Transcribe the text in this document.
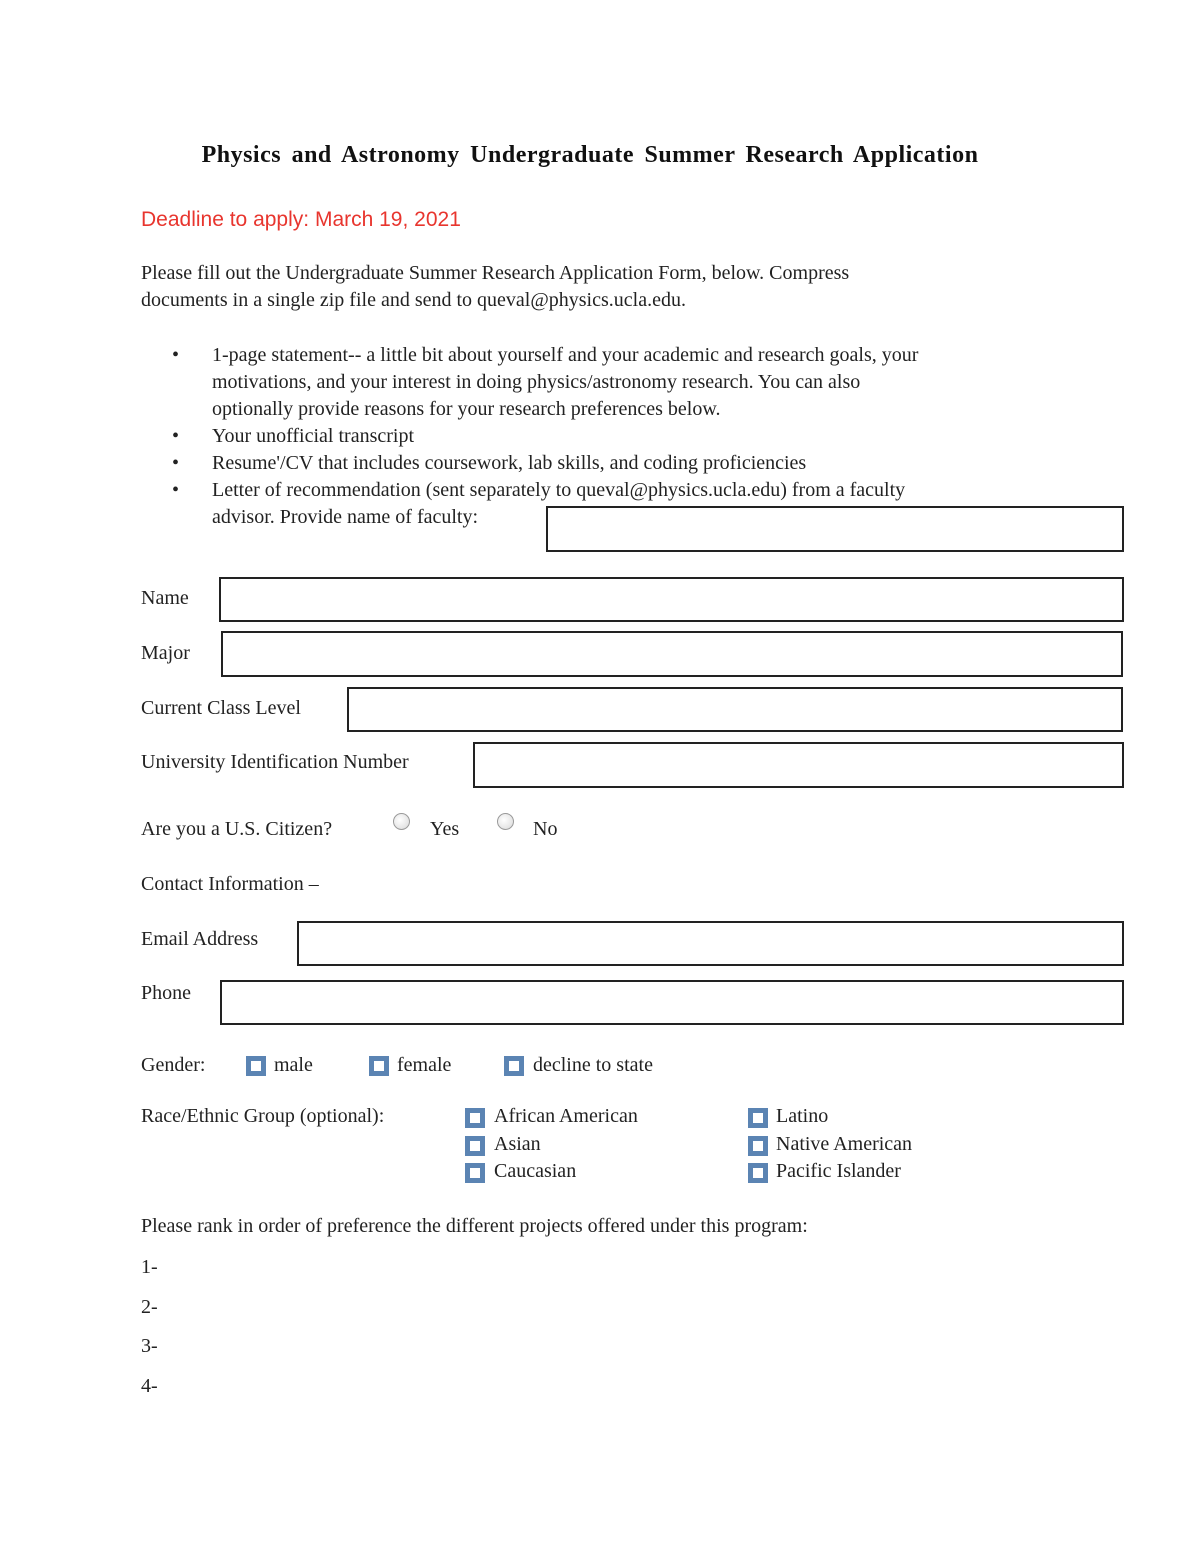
Physics and Astronomy Undergraduate Summer Research Application
Deadline to apply: March 19, 2021
Please fill out the Undergraduate Summer Research Application Form, below. Compress
documents in a single zip file and send to queval@physics.ucla.edu.
• 1-page statement-- a little bit about yourself and your academic and research goals, your
motivations, and your interest in doing physics/astronomy research. You can also
optionally provide reasons for your research preferences below.
• Your unofficial transcript
• Resume'/CV that includes coursework, lab skills, and coding proficiencies
• Letter of recommendation (sent separately to queval@physics.ucla.edu) from a faculty
advisor. Provide name of faculty:
Name
Major
Current Class Level
University Identification Number
Are you a U.S. Citizen?	Yes	No
Contact Information –
Email Address
Phone
Gender:	male	female	decline to state
Race/Ethnic Group (optional):	African American
Asian
Caucasian
Latino
Native American
Pacific Islander
Please rank in order of preference the different projects offered under this program:
1-
2-
3-
4-
